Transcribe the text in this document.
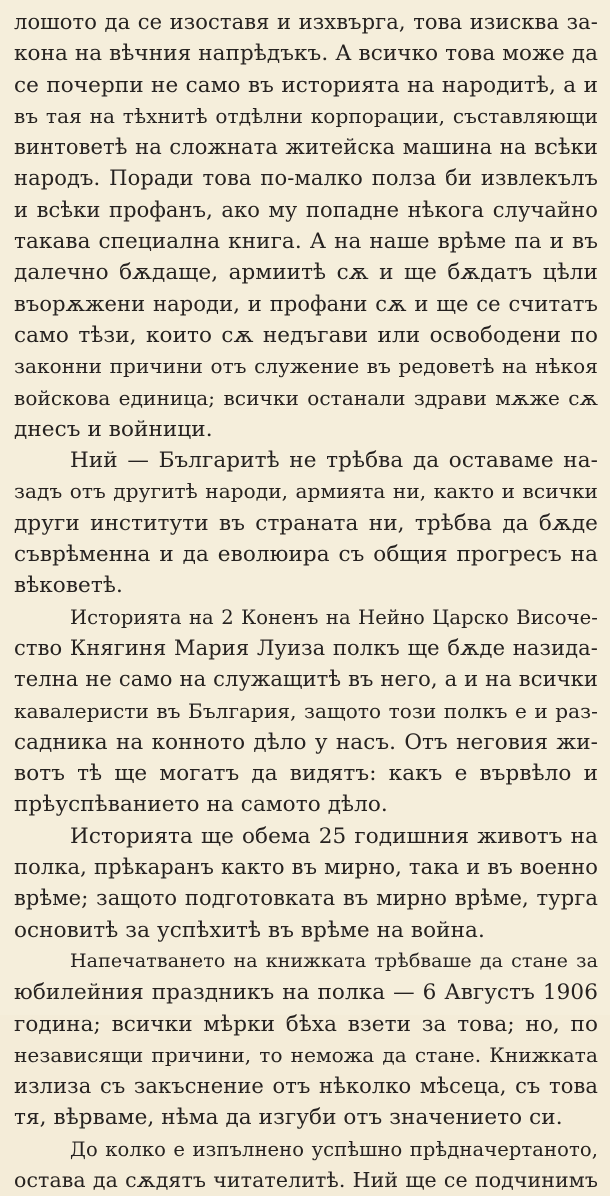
лошото да се изоставя и изхвърга, това изисква за-
кона на вѣчния напрѣдъкъ. А всичко това може да
се почерпи не само въ историята на народитѣ, а и
въ тая на тѣхнитѣ отдѣлни корпорации, съставляющи
винтоветѣ на сложната житейска машина на всѣки
народъ. Поради това по-малко полза би извлекълъ
и всѣки профанъ, ако му попадне нѣкога случайно
такава специална книга. А на наше врѣме па и въ
далечно бѫдаще, армиитѣ сѫ и ще бѫдатъ цѣли
въорѫжени народи, и профани сѫ и ще се считатъ
само тѣзи, които сѫ недъгави или освободени по
законни причини отъ служение въ редоветѣ на нѣкоя
войскова единица; всички останали здрави мѫже сѫ
днесъ и войници.
Ний — Българитѣ не трѣбва да оставаме на-
задъ отъ другитѣ народи, армията ни, както и всички
други институти въ страната ни, трѣбва да бѫде
съврѣменна и да еволюира съ общия прогресъ на
вѣковетѣ.
Историята на 2 Коненъ на Нейно Царско Височе-
ство Княгиня Мария Луиза полкъ ще бѫде назида-
телна не само на служащитѣ въ него, а и на всички
кавалеристи въ България, защото този полкъ е и раз-
садника на конното дѣло у насъ. Отъ неговия жи-
вотъ тѣ ще могатъ да видятъ: какъ е вървѣло и
прѣуспѣванието на самото дѣло.
Историята ще обема 25 годишния животъ на
полка, прѣкаранъ както въ мирно, така и въ военно
врѣме; защото подготовката въ мирно врѣме, турга
основитѣ за успѣхитѣ въ врѣме на война.
Напечатването на книжката трѣбваше да стане за
юбилейния праздникъ на полка — 6 Августъ 1906
година; всички мѣрки бѣха взети за това; но, по
независящи причини, то неможа да стане. Книжката
излиза съ закъснение отъ нѣколко мѣсеца, съ това
тя, вѣрваме, нѣма да изгуби отъ значението си.
До колко е изпълнено успѣшно прѣдначертаното,
остава да сѫдятъ читателитѣ. Ний ще се подчинимъ
